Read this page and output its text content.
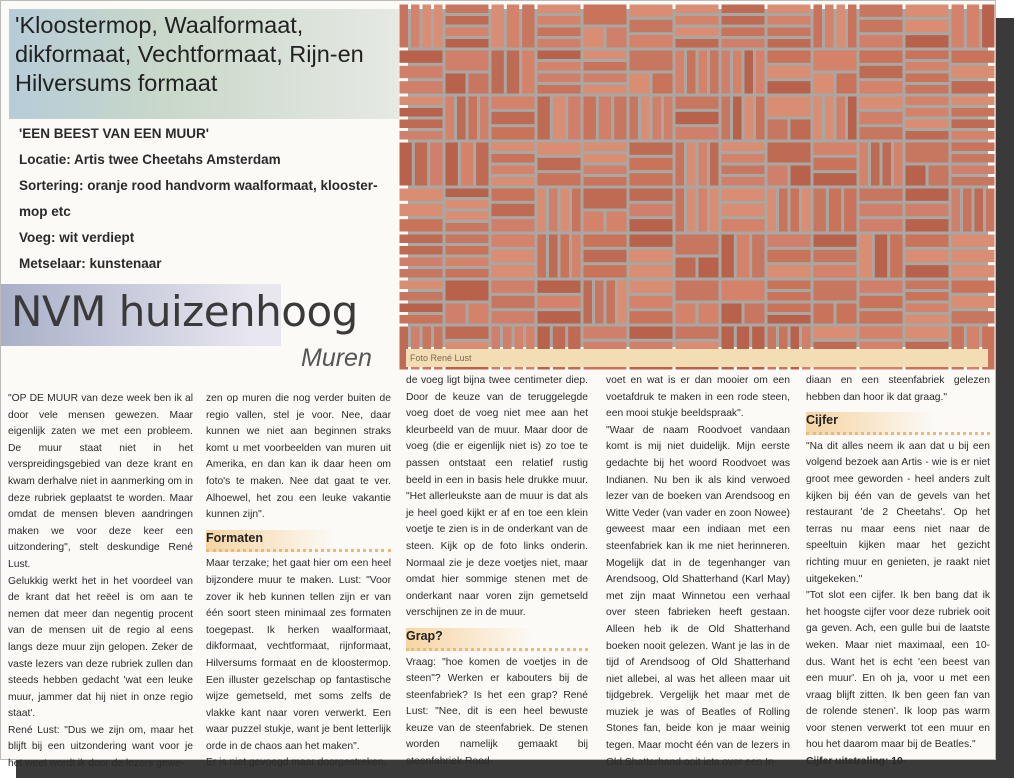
'Kloostermop, Waalformaat, dikformaat, Vechtformaat, Rijn-en Hilversums formaat
'EEN BEEST VAN EEN MUUR'
Locatie: Artis twee Cheetahs Amsterdam
Sortering: oranje rood handvorm waalformaat, klooster-
mop etc
Voeg: wit verdiept
Metselaar: kunstenaar
NVM huizenhoog
Muren	Foto René Lust

"OP DE MUUR van deze week ben ik al door vele mensen gewezen. Maar eigenlijk zaten we met een probleem. De muur staat niet in het verspreidingsgebied van deze krant en kwam derhalve niet in aanmerking om in deze rubriek geplaatst te worden. Maar omdat de mensen bleven aandringen maken we voor deze keer een uitzondering", stelt deskundige René Lust.

Gelukkig werkt het in het voordeel van de krant dat het reëel is om aan te nemen dat meer dan negentig procent van de mensen uit de regio al eens langs deze muur zijn gelopen. Zeker de vaste lezers van deze rubriek zullen dan steeds hebben gedacht 'wat een leuke muur, jammer dat hij niet in onze regio staat'.

René Lust: "Dus we zijn om, maar het blijft bij een uitzondering want voor je het weet wordt ik door de lezers gewe-

zen op muren die nog verder buiten de regio vallen, stel je voor. Nee, daar kunnen we niet aan beginnen straks komt u met voorbeelden van muren uit Amerika, en dan kan ik daar heen om foto's te maken. Nee dat gaat te ver. Alhoewel, het zou een leuke vakantie kunnen zijn".

Formaten

Maar terzake; het gaat hier om een heel bijzondere muur te maken. Lust: "Voor zover ik heb kunnen tellen zijn er van één soort steen minimaal zes formaten toegepast. Ik herken waalformaat, dikformaat, vechtformaat, rijnformaat, Hilversums formaat en de kloostermop. Een illuster gezelschap op fantastische wijze gemetseld, met soms zelfs de vlakke kant naar voren verwerkt. Een waar puzzel stukje, want je bent letterlijk orde in de chaos aan het maken".

Er is niet gevoegd maar doorgestreken,

de voeg ligt bijna twee centimeter diep. Door de keuze van de teruggelegde voeg doet de voeg niet mee aan het kleurbeeld van de muur. Maar door de voeg (die er eigenlijk niet is) zo toe te passen ontstaat een relatief rustig beeld in een in basis hele drukke muur. "Het allerleukste aan de muur is dat als je heel goed kijkt er af en toe een klein voetje te zien is in de onderkant van de steen. Kijk op de foto links onderin. Normaal zie je deze voetjes niet, maar omdat hier sommige stenen met de onderkant naar voren zijn gemetseld verschijnen ze in de muur.

Grap?

Vraag: "hoe komen de voetjes in de steen"? Werken er kabouters bij de steenfabriek? Is het een grap? René Lust: "Nee, dit is een heel bewuste keuze van de steenfabriek. De stenen worden namelijk gemaakt bij steenfabriek Rood-

voet en wat is er dan mooier om een voetafdruk te maken in een rode steen, een mooi stukje beeldspraak".

"Waar de naam Roodvoet vandaan komt is mij niet duidelijk. Mijn eerste gedachte bij het woord Roodvoet was Indianen. Nu ben ik als kind verwoed lezer van de boeken van Arendsoog en Witte Veder (van vader en zoon Nowee) geweest maar een indiaan met een steenfabriek kan ik me niet herinneren. Mogelijk dat in de tegenhanger van Arendsoog, Old Shatterhand (Karl May) met zijn maat Winnetou een verhaal over steen fabrieken heeft gestaan. Alleen heb ik de Old Shatterhand boeken nooit gelezen. Want je las in de tijd of Arendsoog of Old Shatterhand niet allebei, al was het alleen maar uit tijdgebrek. Vergelijk het maar met de muziek je was of Beatles of Rolling Stones fan, beide kon je maar weinig tegen. Maar mocht één van de lezers in Old Shatterhand ooit iets over een In-

diaan en een steenfabriek gelezen hebben dan hoor ik dat graag."

Cijfer

"Na dit alles neem ik aan dat u bij een volgend bezoek aan Artis - wie is er niet groot mee geworden - heel anders zult kijken bij één van de gevels van het restaurant 'de 2 Cheetahs'. Op het terras nu maar eens niet naar de speeltuin kijken maar het gezicht richting muur en genieten, je raakt niet uitgekeken."

"Tot slot een cijfer. Ik ben bang dat ik het hoogste cijfer voor deze rubriek ooit ga geven. Ach, een gulle bui de laatste weken. Maar niet maximaal, een 10- dus. Want het is echt 'een beest van een muur'. En oh ja, voor u met een vraag blijft zitten. Ik ben geen fan van de rolende stenen'. Ik loop pas warm voor stenen verwerkt tot een muur en hou het daarom maar bij de Beatles."

Cijfer uitstraling: 10-
